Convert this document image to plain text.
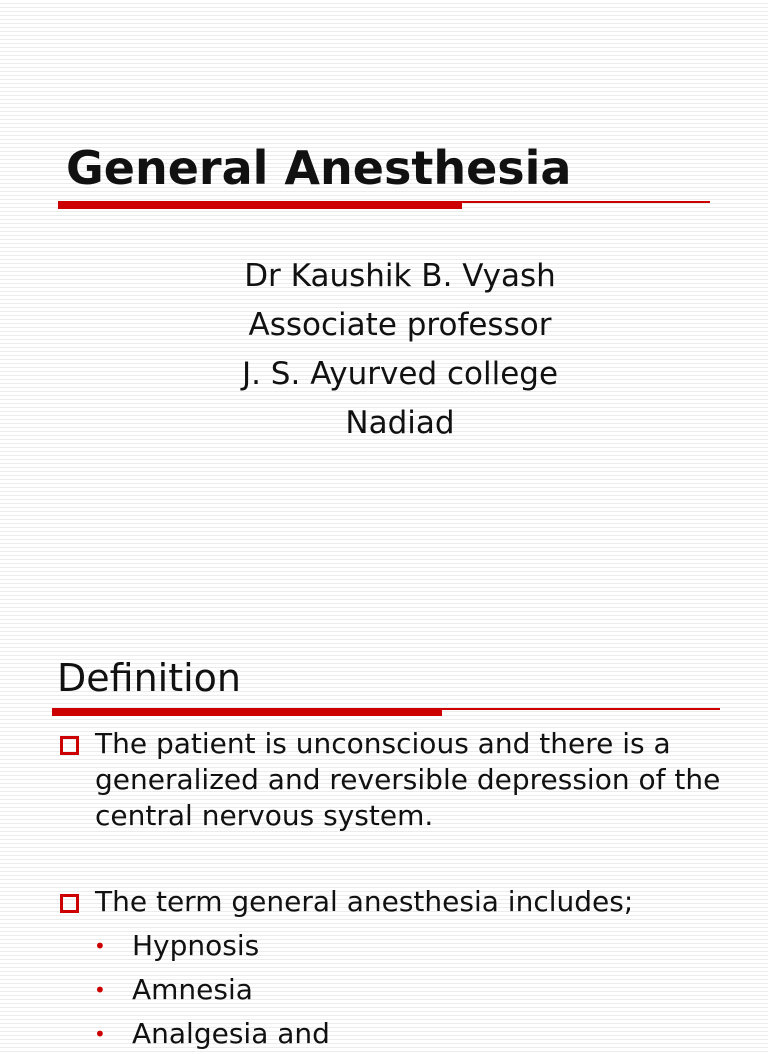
General Anesthesia
Dr Kaushik B. Vyash
Associate professor
J. S. Ayurved college
Nadiad
Definition
The patient is unconscious and there is a generalized and reversible depression of the central nervous system.
The term general anesthesia includes;
• Hypnosis
• Amnesia
• Analgesia and
